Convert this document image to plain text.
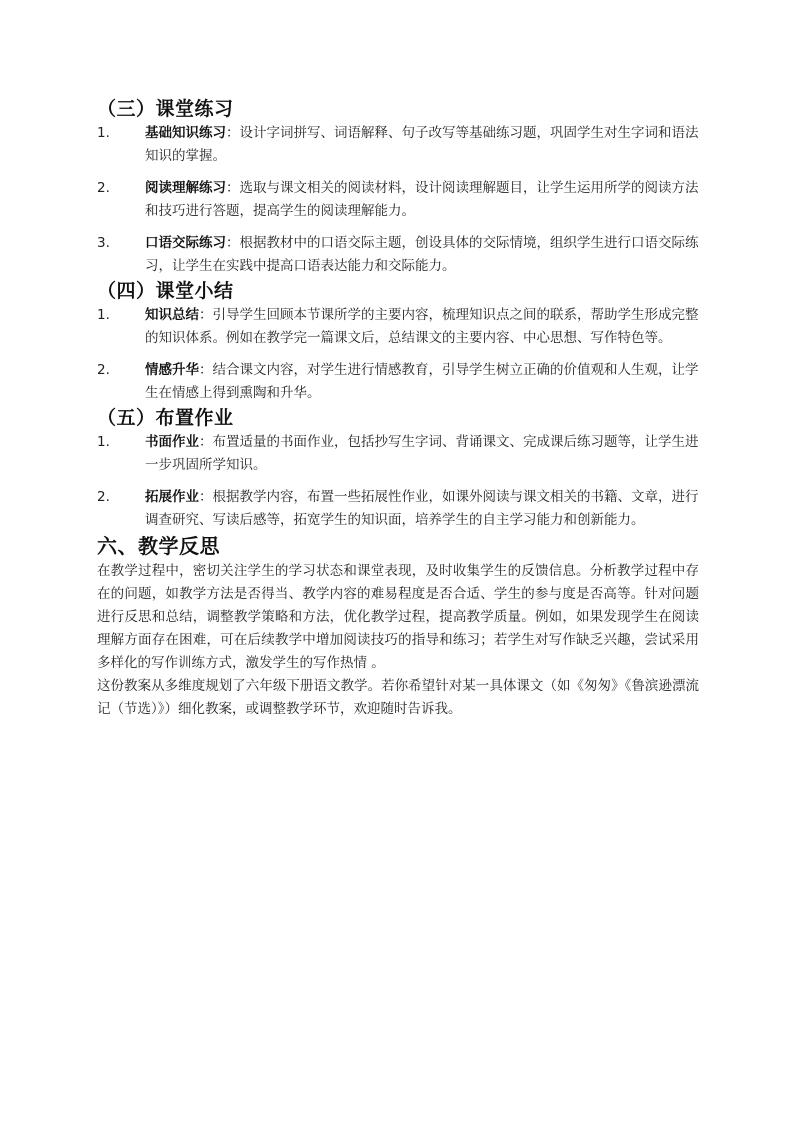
（三）课堂练习
1.	基础知识练习：设计字词拼写、词语解释、句子改写等基础练习题，巩固学生对生字词和语法知识的掌握。
2.	阅读理解练习：选取与课文相关的阅读材料，设计阅读理解题目，让学生运用所学的阅读方法和技巧进行答题，提高学生的阅读理解能力。
3.	口语交际练习：根据教材中的口语交际主题，创设具体的交际情境，组织学生进行口语交际练习，让学生在实践中提高口语表达能力和交际能力。
（四）课堂小结
1.	知识总结：引导学生回顾本节课所学的主要内容，梳理知识点之间的联系，帮助学生形成完整的知识体系。例如在教学完一篇课文后，总结课文的主要内容、中心思想、写作特色等。
2.	情感升华：结合课文内容，对学生进行情感教育，引导学生树立正确的价值观和人生观，让学生在情感上得到熏陶和升华。
（五）布置作业
1.	书面作业：布置适量的书面作业，包括抄写生字词、背诵课文、完成课后练习题等，让学生进一步巩固所学知识。
2.	拓展作业：根据教学内容，布置一些拓展性作业，如课外阅读与课文相关的书籍、文章，进行调查研究、写读后感等，拓宽学生的知识面，培养学生的自主学习能力和创新能力。
六、教学反思

在教学过程中，密切关注学生的学习状态和课堂表现，及时收集学生的反馈信息。分析教学过程中存在的问题，如教学方法是否得当、教学内容的难易程度是否合适、学生的参与度是否高等。针对问题进行反思和总结，调整教学策略和方法，优化教学过程，提高教学质量。例如，如果发现学生在阅读理解方面存在困难，可在后续教学中增加阅读技巧的指导和练习；若学生对写作缺乏兴趣，尝试采用多样化的写作训练方式，激发学生的写作热情 。

这份教案从多维度规划了六年级下册语文教学。若你希望针对某一具体课文（如《匆匆》《鲁滨逊漂流记（节选）》）细化教案，或调整教学环节，欢迎随时告诉我。
